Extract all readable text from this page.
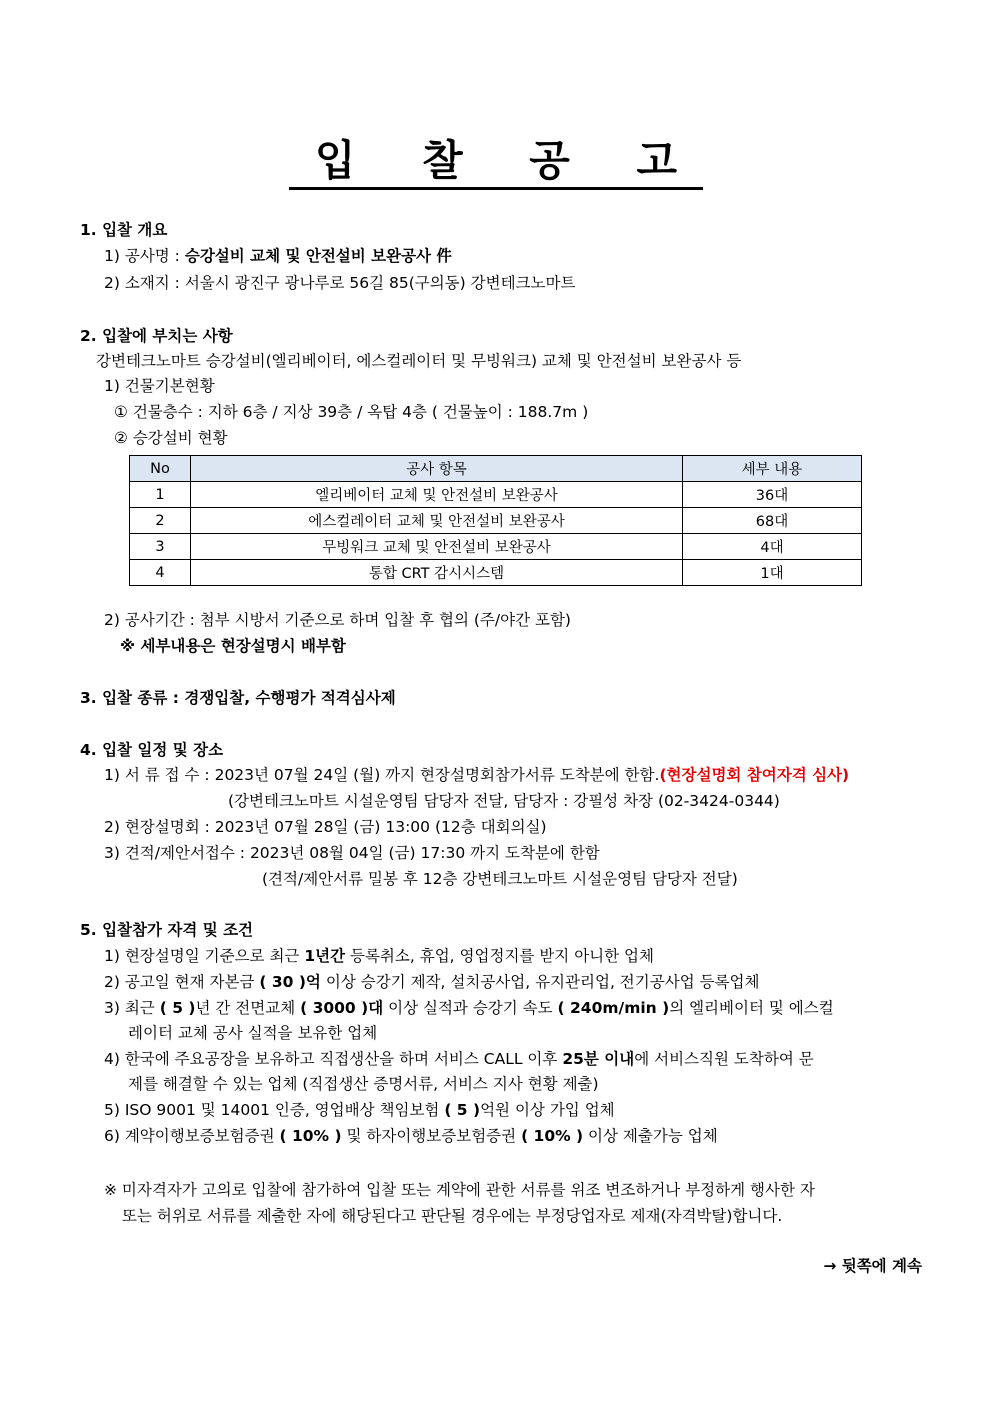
입 찰 공 고
1. 입찰 개요
1) 공사명 : 승강설비 교체 및 안전설비 보완공사 件
2) 소재지 : 서울시 광진구 광나루로 56길 85(구의동) 강변테크노마트
2. 입찰에 부치는 사항
강변테크노마트 승강설비(엘리베이터, 에스컬레이터 및 무빙워크) 교체 및 안전설비 보완공사 등
1) 건물기본현황
① 건물층수 : 지하 6층 / 지상 39층 / 옥탑 4층 ( 건물높이 : 188.7m )
② 승강설비 현황
No	공사 항목	세부 내용
1	엘리베이터 교체 및 안전설비 보완공사	36대
2	에스컬레이터 교체 및 안전설비 보완공사	68대
3	무빙워크 교체 및 안전설비 보완공사	4대
4	통합 CRT 감시시스템	1대
2) 공사기간 : 첨부 시방서 기준으로 하며 입찰 후 협의 (주/야간 포함)
※ 세부내용은 현장설명시 배부함
3. 입찰 종류 : 경쟁입찰, 수행평가 적격심사제
4. 입찰 일정 및 장소
1) 서 류 접 수 : 2023년 07월 24일 (월) 까지 현장설명회참가서류 도착분에 한함.(현장설명회 참여자격 심사)
(강변테크노마트 시설운영팀 담당자 전달, 담당자 : 강필성 차장 (02-3424-0344)
2) 현장설명회 : 2023년 07월 28일 (금) 13:00 (12층 대회의실)
3) 견적/제안서접수 : 2023년 08월 04일 (금) 17:30 까지 도착분에 한함
(견적/제안서류 밀봉 후 12층 강변테크노마트 시설운영팀 담당자 전달)
5. 입찰참가 자격 및 조건
1) 현장설명일 기준으로 최근 1년간 등록취소, 휴업, 영업정지를 받지 아니한 업체
2) 공고일 현재 자본금 ( 30 )억 이상 승강기 제작, 설치공사업, 유지관리업, 전기공사업 등록업체
3) 최근 ( 5 )년 간 전면교체 ( 3000 )대 이상 실적과 승강기 속도 ( 240m/min )의 엘리베이터 및 에스컬
레이터 교체 공사 실적을 보유한 업체
4) 한국에 주요공장을 보유하고 직접생산을 하며 서비스 CALL 이후 25분 이내에 서비스직원 도착하여 문
제를 해결할 수 있는 업체 (직접생산 증명서류, 서비스 지사 현황 제출)
5) ISO 9001 및 14001 인증, 영업배상 책임보험 ( 5 )억원 이상 가입 업체
6) 계약이행보증보험증권 ( 10% ) 및 하자이행보증보험증권 ( 10% ) 이상 제출가능 업체
※ 미자격자가 고의로 입찰에 참가하여 입찰 또는 계약에 관한 서류를 위조 변조하거나 부정하게 행사한 자
또는 허위로 서류를 제출한 자에 해당된다고 판단될 경우에는 부정당업자로 제재(자격박탈)합니다.
→ 뒷쪽에 계속
